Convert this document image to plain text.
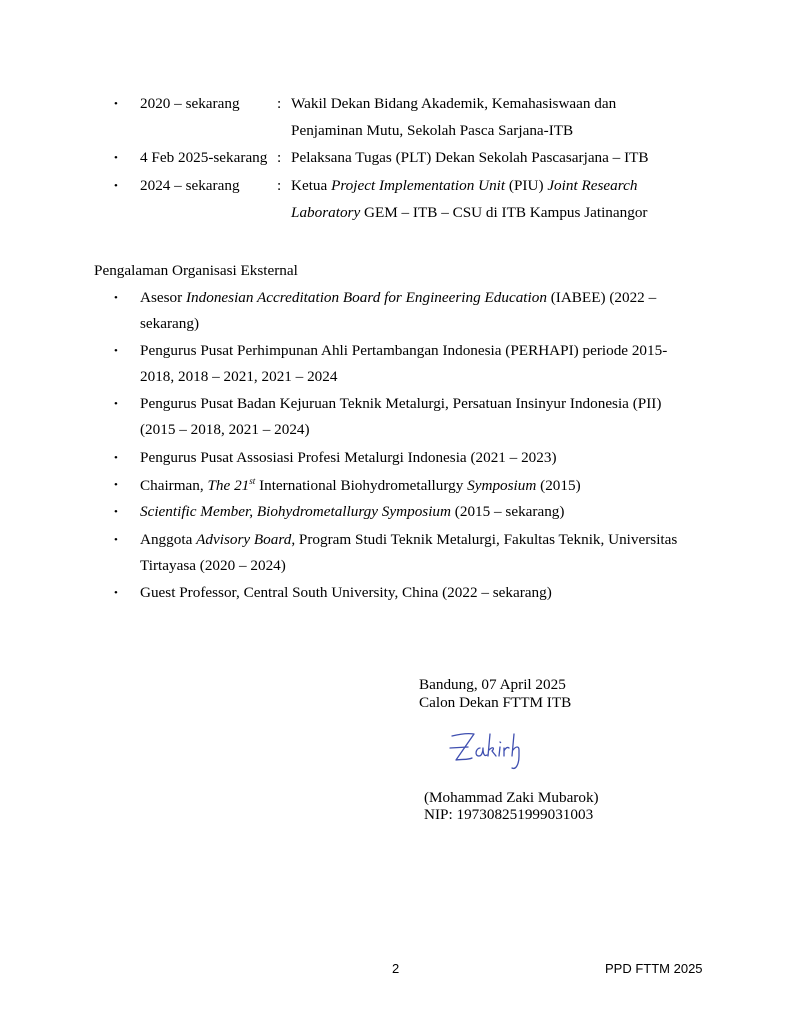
• 2020 – sekarang : Wakil Dekan Bidang Akademik, Kemahasiswaan dan
Penjaminan Mutu, Sekolah Pasca Sarjana-ITB
• 4 Feb 2025-sekarang : Pelaksana Tugas (PLT) Dekan Sekolah Pascasarjana – ITB
• 2024 – sekarang : Ketua Project Implementation Unit (PIU) Joint Research
Laboratory GEM – ITB – CSU di ITB Kampus Jatinangor
Pengalaman Organisasi Eksternal
• Asesor Indonesian Accreditation Board for Engineering Education (IABEE) (2022 –
sekarang)
• Pengurus Pusat Perhimpunan Ahli Pertambangan Indonesia (PERHAPI) periode 2015-
2018, 2018 – 2021, 2021 – 2024
• Pengurus Pusat Badan Kejuruan Teknik Metalurgi, Persatuan Insinyur Indonesia (PII)
(2015 – 2018, 2021 – 2024)
• Pengurus Pusat Assosiasi Profesi Metalurgi Indonesia (2021 – 2023)
• Chairman, The 21st International Biohydrometallurgy Symposium (2015)
• Scientific Member, Biohydrometallurgy Symposium (2015 – sekarang)
• Anggota Advisory Board, Program Studi Teknik Metalurgi, Fakultas Teknik, Universitas
Tirtayasa (2020 – 2024)
• Guest Professor, Central South University, China (2022 – sekarang)
Bandung, 07 April 2025
Calon Dekan FTTM ITB
(Mohammad Zaki Mubarok)
NIP: 197308251999031003
2	PPD FTTM 2025
